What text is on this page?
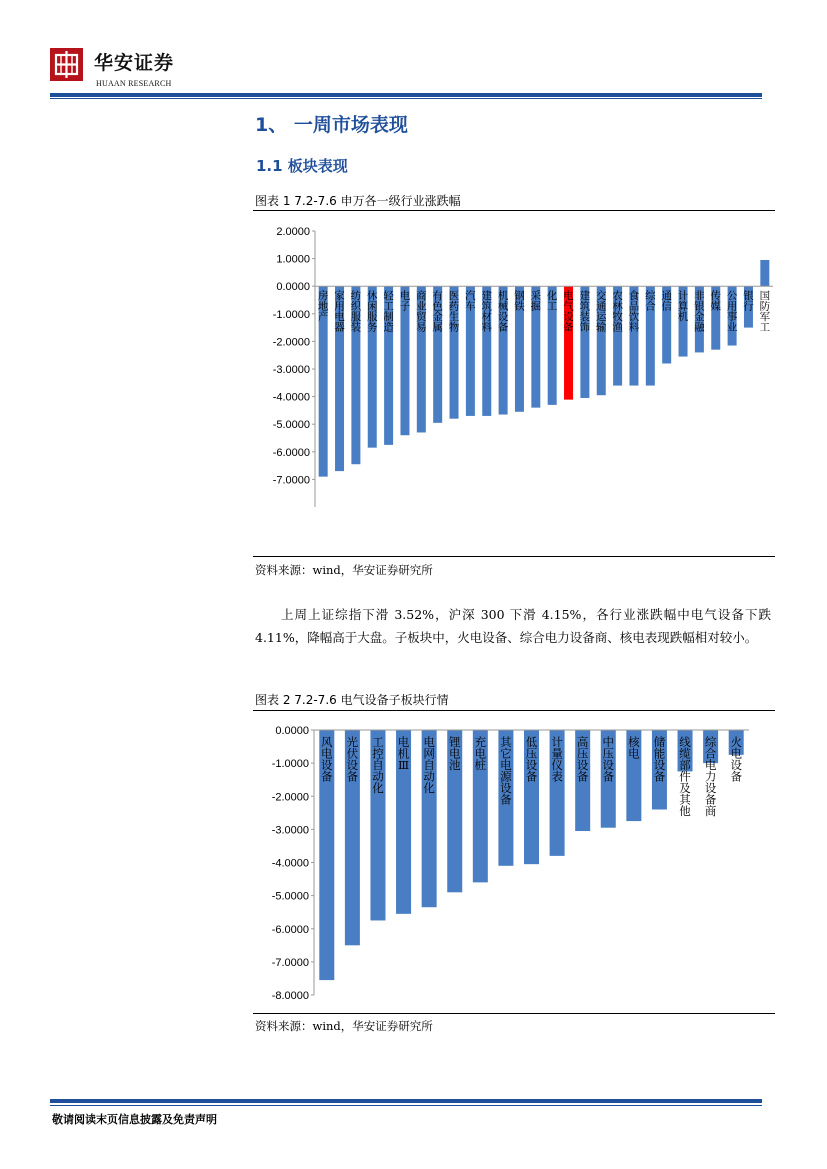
华安证券
HUAAN RESEARCH
1、 一周市场表现
1.1 板块表现
图表 1 7.2-7.6 申万各一级行业涨跌幅
2.0000
1.0000
0.0000
-1.0000
-2.0000
-3.0000
-4.0000
-5.0000
-6.0000
-7.0000
房地产
家用电器
纺织服装
休闲服务
轻工制造
电子
商业贸易
有色金属
医药生物
汽车
建筑材料
机械设备
钢铁
采掘
化工
电气设备
建筑装饰
交通运输
农林牧渔
食品饮料
综合
通信
计算机
非银金融
传媒
公用事业
银行
国防军工
资料来源：wind，华安证券研究所
上周上证综指下滑 3.52%，沪深 300 下滑 4.15%，各行业涨跌幅中电气设备下跌 4.11%，降幅高于大盘。子板块中，火电设备、综合电力设备商、核电表现跌幅相对较小。
图表 2 7.2-7.6 电气设备子板块行情
0.0000
-1.0000
-2.0000
-3.0000
-4.0000
-5.0000
-6.0000
-7.0000
-8.0000
风电设备
光伏设备
工控自动化
电机 Ⅲ
电网自动化
锂电池
充电桩
其它电源设备
低压设备
计量仪表
高压设备
中压设备
核电
储能设备
线缆部件及其他
综合电力设备商
火电设备
资料来源：wind，华安证券研究所
敬请阅读末页信息披露及免责声明
